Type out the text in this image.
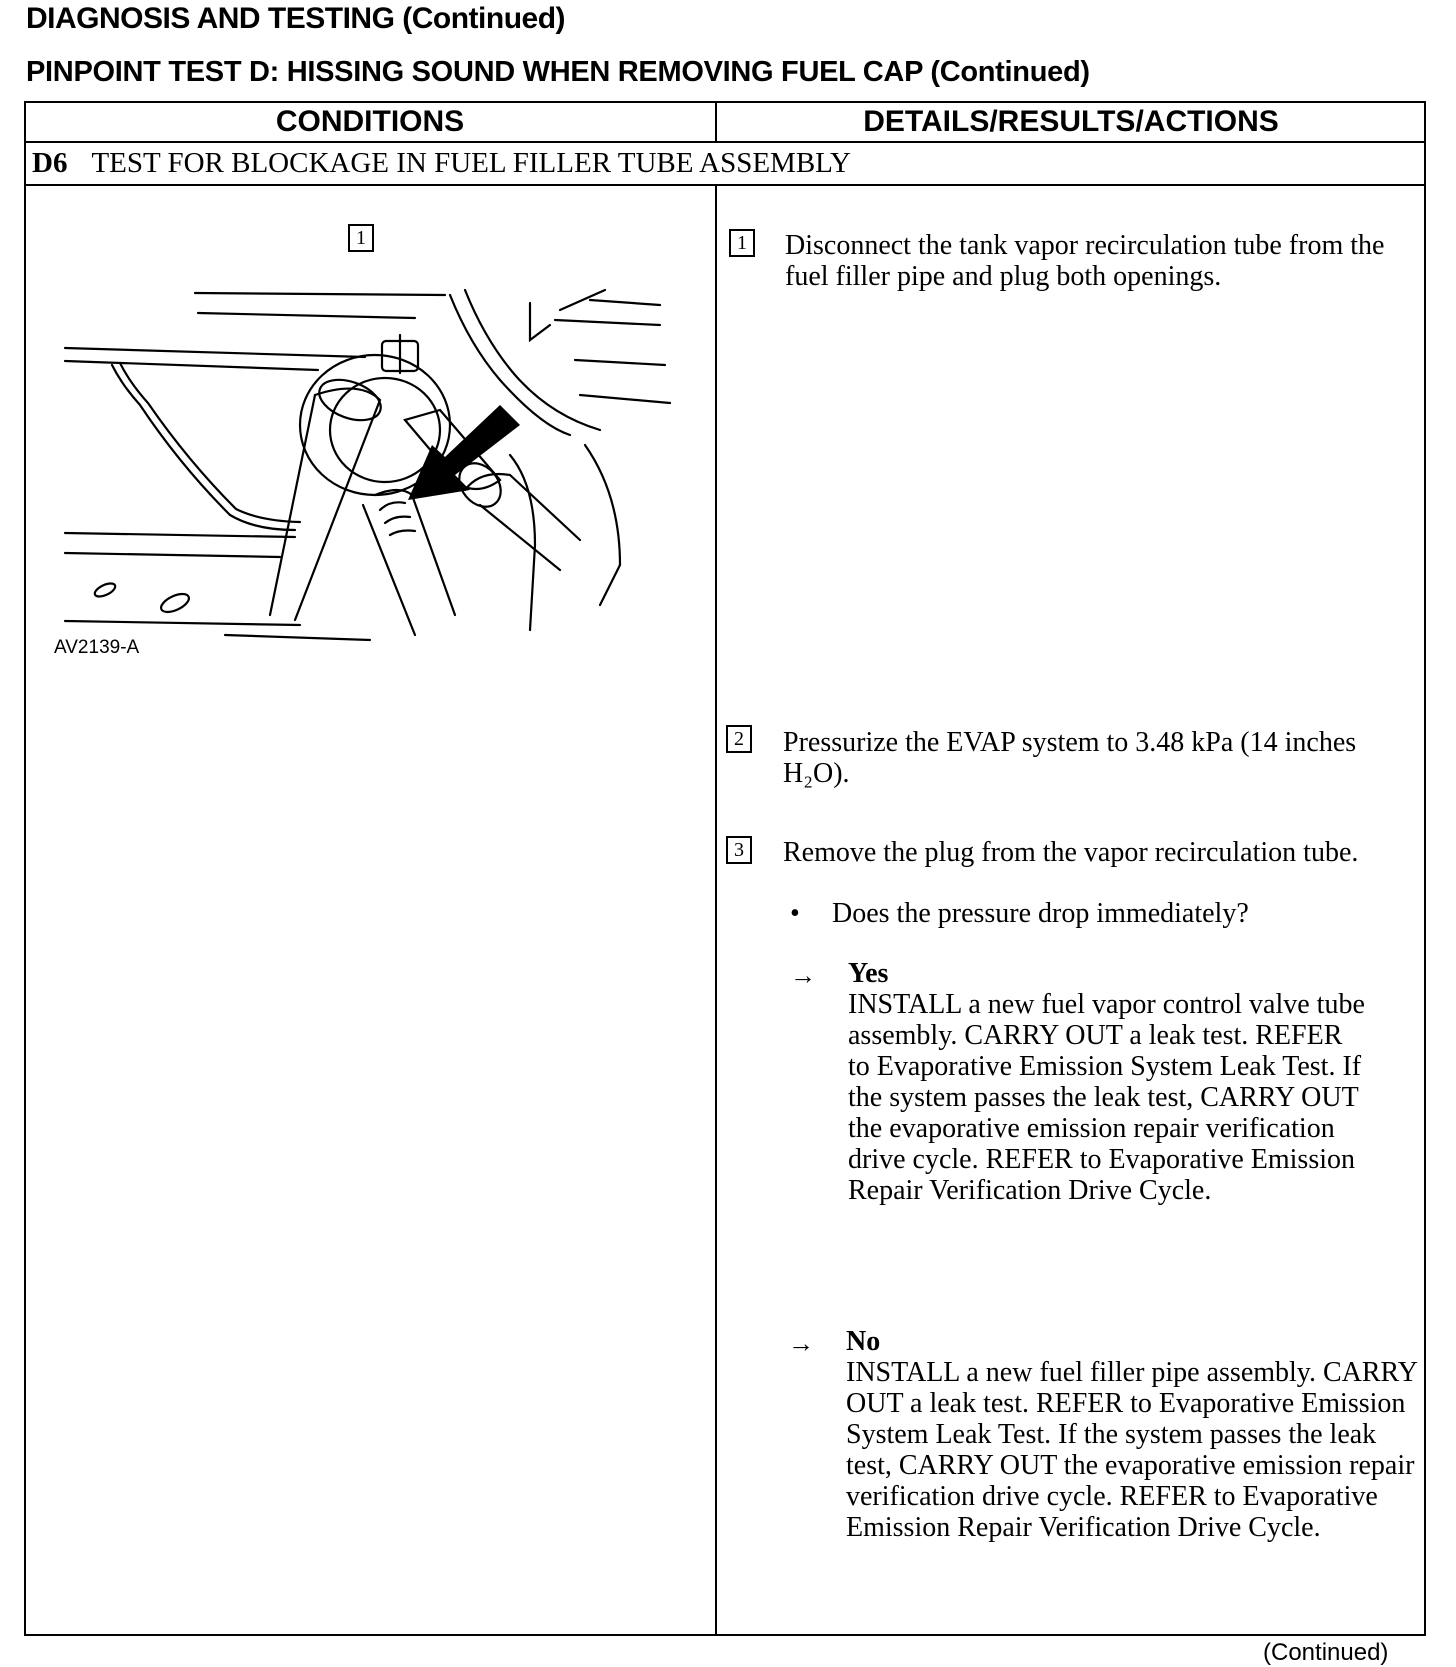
DIAGNOSIS AND TESTING (Continued)
PINPOINT TEST D: HISSING SOUND WHEN REMOVING FUEL CAP (Continued)
CONDITIONS	DETAILS/RESULTS/ACTIONS
D6 TEST FOR BLOCKAGE IN FUEL FILLER TUBE ASSEMBLY
1
AV2139-A
1 Disconnect the tank vapor recirculation tube from the fuel filler pipe and plug both openings.
2 Pressurize the EVAP system to 3.48 kPa (14 inches
H₂O).
3 Remove the plug from the vapor recirculation tube.
• Does the pressure drop immediately?
→ Yes
INSTALL a new fuel vapor control valve tube assembly. CARRY OUT a leak test. REFER to Evaporative Emission System Leak Test. If the system passes the leak test, CARRY OUT the evaporative emission repair verification drive cycle. REFER to Evaporative Emission Repair Verification Drive Cycle.
→ No
INSTALL a new fuel filler pipe assembly. CARRY OUT a leak test. REFER to Evaporative Emission System Leak Test. If the system passes the leak test, CARRY OUT the evaporative emission repair verification drive cycle. REFER to Evaporative Emission Repair Verification Drive Cycle.
(Continued)
